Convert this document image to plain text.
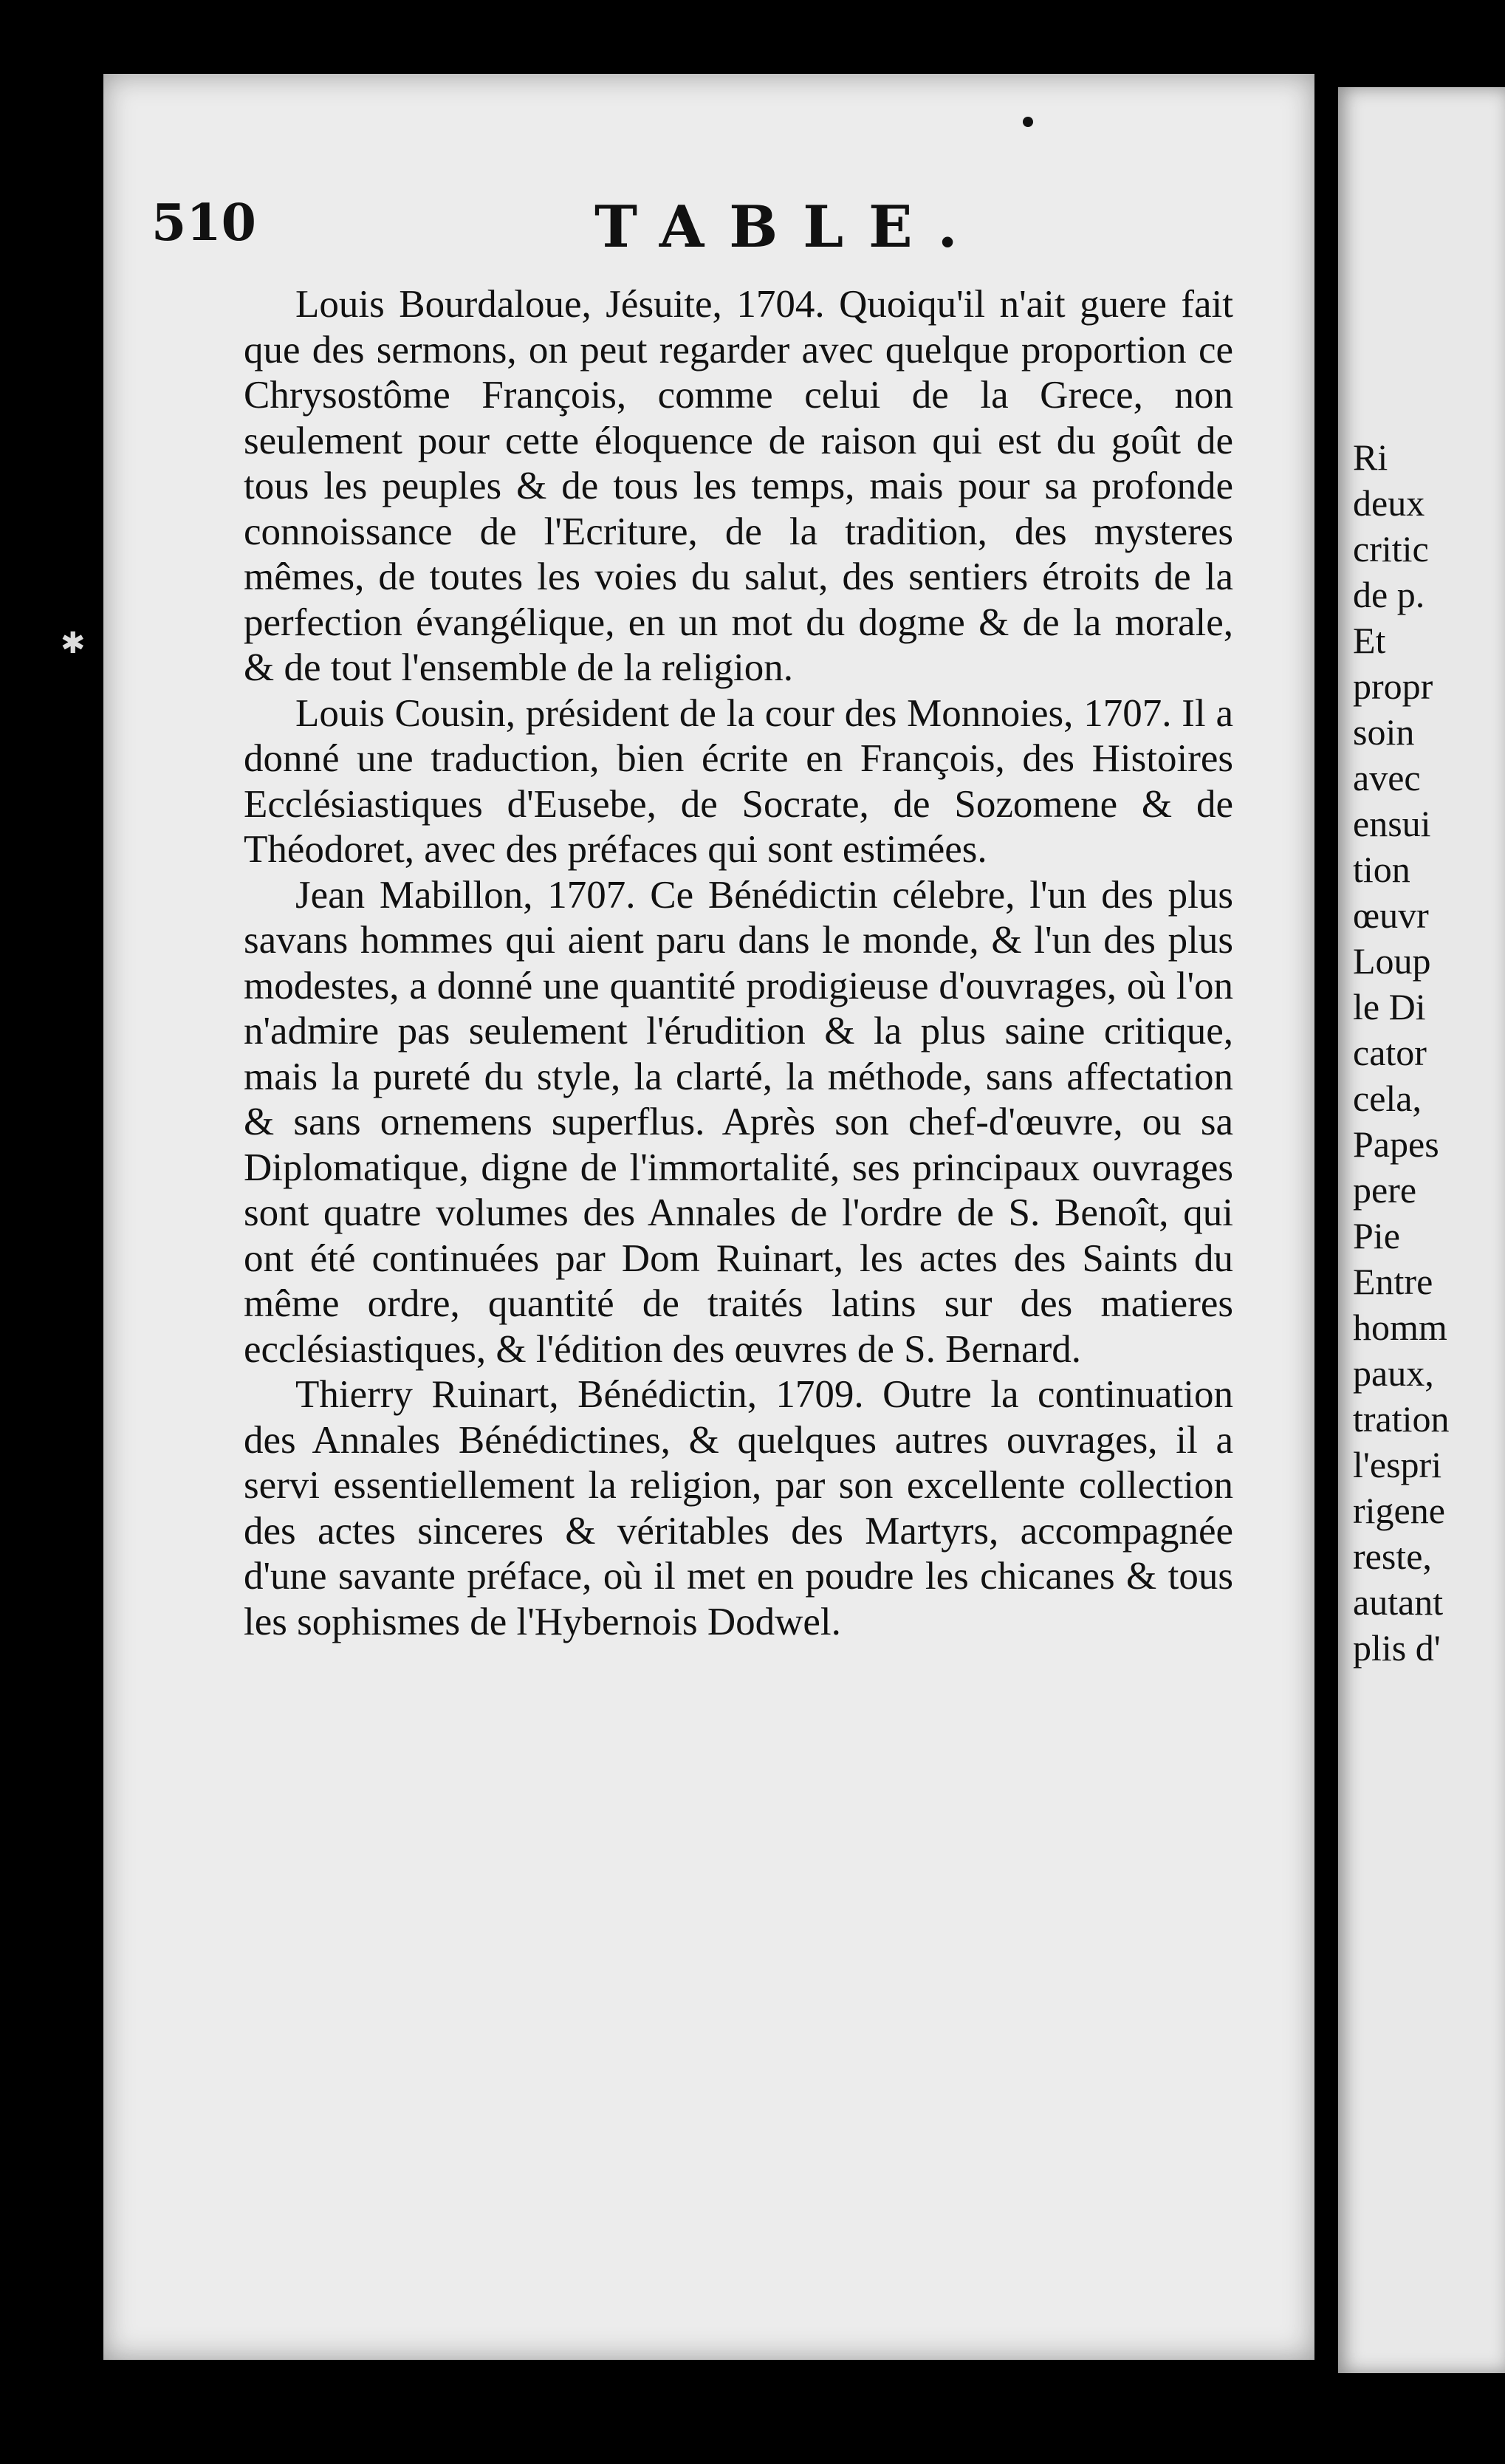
Ri
deux
critic
de p.
Et
propr
soin
avec
ensui
tion
œuvr
Loup
le Di
cator
cela,
Papes
pere
Pie
Entre
homm
paux,
tration
l'espri
rigene
reste,
autant
plis d'
✱
510	TABLE.

Louis Bourdaloue, Jésuite, 1704. Quoiqu'il n'ait guere fait que des sermons, on peut regarder avec quelque proportion ce Chrysostôme François, comme celui de la Grece, non seulement pour cette éloquence de raison qui est du goût de tous les peuples & de tous les temps, mais pour sa profonde connoissance de l'Ecriture, de la tradition, des mysteres mêmes, de toutes les voies du salut, des sentiers étroits de la perfection évangélique, en un mot du dogme & de la morale, & de tout l'ensemble de la religion.

Louis Cousin, président de la cour des Monnoies, 1707. Il a donné une traduction, bien écrite en François, des Histoires Ecclésiastiques d'Eusebe, de Socrate, de Sozomene & de Théodoret, avec des préfaces qui sont estimées.

Jean Mabillon, 1707. Ce Bénédictin célebre, l'un des plus savans hommes qui aient paru dans le monde, & l'un des plus modestes, a donné une quantité prodigieuse d'ouvrages, où l'on n'admire pas seulement l'érudition & la plus saine critique, mais la pureté du style, la clarté, la méthode, sans affectation & sans ornemens superflus. Après son chef-d'œuvre, ou sa Diplomatique, digne de l'immortalité, ses principaux ouvrages sont quatre volumes des Annales de l'ordre de S. Benoît, qui ont été continuées par Dom Ruinart, les actes des Saints du même ordre, quantité de traités latins sur des matieres ecclésiastiques, & l'édition des œuvres de S. Bernard.

Thierry Ruinart, Bénédictin, 1709. Outre la continuation des Annales Bénédictines, & quelques autres ouvrages, il a servi essentiellement la religion, par son excellente collection des actes sinceres & véritables des Martyrs, accompagnée d'une savante préface, où il met en poudre les chicanes & tous les sophismes de l'Hybernois Dodwel.
